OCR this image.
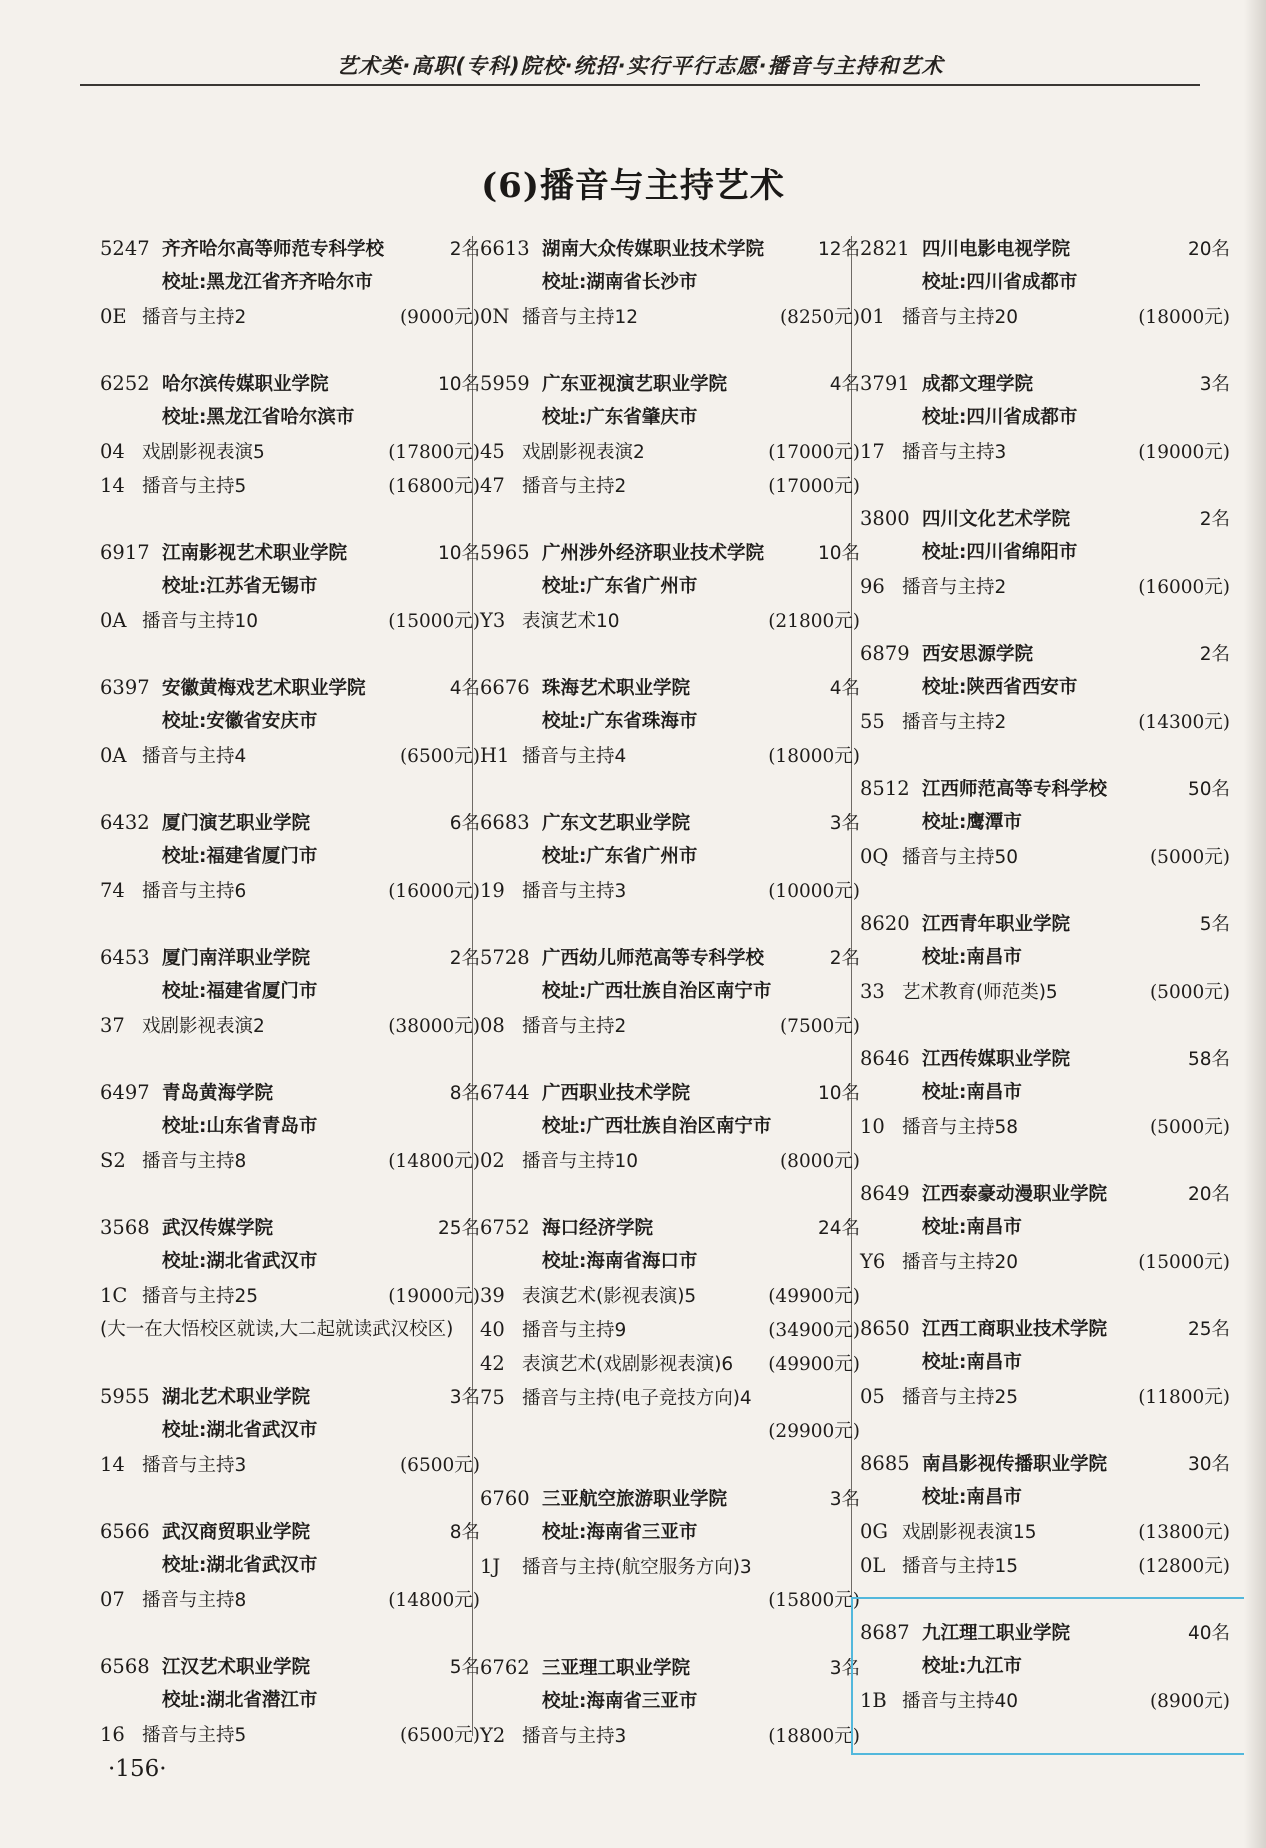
艺术类·高职(专科)院校·统招·实行平行志愿·播音与主持和艺术
(6)播音与主持艺术
5247 齐齐哈尔高等师范专科学校	2名
校址:黑龙江省齐齐哈尔市
0E 播音与主持2	(9000元)
6252 哈尔滨传媒职业学院	10名
校址:黑龙江省哈尔滨市
04 戏剧影视表演5	(17800元)
14 播音与主持5	(16800元)
6917 江南影视艺术职业学院	10名
校址:江苏省无锡市
0A 播音与主持10	(15000元)
6397 安徽黄梅戏艺术职业学院	4名
校址:安徽省安庆市
0A 播音与主持4	(6500元)
6432 厦门演艺职业学院	6名
校址:福建省厦门市
74 播音与主持6	(16000元)
6453 厦门南洋职业学院	2名
校址:福建省厦门市
37 戏剧影视表演2	(38000元)
6497 青岛黄海学院	8名
校址:山东省青岛市
S2 播音与主持8	(14800元)
3568 武汉传媒学院	25名
校址:湖北省武汉市
1C 播音与主持25	(19000元)
(大一在大悟校区就读,大二起就读武汉校区)
5955 湖北艺术职业学院	3名
校址:湖北省武汉市
14 播音与主持3	(6500元)
6566 武汉商贸职业学院	8名
校址:湖北省武汉市
07 播音与主持8	(14800元)
6568 江汉艺术职业学院	5名
校址:湖北省潜江市
16 播音与主持5	(6500元)
6613 湖南大众传媒职业技术学院	12名
校址:湖南省长沙市
0N 播音与主持12	(8250元)
5959 广东亚视演艺职业学院	4名
校址:广东省肇庆市
45 戏剧影视表演2	(17000元)
47 播音与主持2	(17000元)
5965 广州涉外经济职业技术学院	10名
校址:广东省广州市
Y3 表演艺术10	(21800元)
6676 珠海艺术职业学院	4名
校址:广东省珠海市
H1 播音与主持4	(18000元)
6683 广东文艺职业学院	3名
校址:广东省广州市
19 播音与主持3	(10000元)
5728 广西幼儿师范高等专科学校	2名
校址:广西壮族自治区南宁市
08 播音与主持2	(7500元)
6744 广西职业技术学院	10名
校址:广西壮族自治区南宁市
02 播音与主持10	(8000元)
6752 海口经济学院	24名
校址:海南省海口市
39 表演艺术(影视表演)5	(49900元)
40 播音与主持9	(34900元)
42 表演艺术(戏剧影视表演)6	(49900元)
75 播音与主持(电子竞技方向)4
(29900元)
6760 三亚航空旅游职业学院	3名
校址:海南省三亚市
1J	播音与主持(航空服务方向)3
(15800元)
6762 三亚理工职业学院	3名
校址:海南省三亚市
Y2 播音与主持3	(18800元)
2821 四川电影电视学院	20名
校址:四川省成都市
01 播音与主持20	(18000元)
3791 成都文理学院	3名
校址:四川省成都市
17 播音与主持3	(19000元)
3800 四川文化艺术学院	2名
校址:四川省绵阳市
96 播音与主持2	(16000元)
6879 西安思源学院	2名
校址:陕西省西安市
55 播音与主持2	(14300元)
8512 江西师范高等专科学校	50名
校址:鹰潭市
0Q 播音与主持50	(5000元)
8620 江西青年职业学院	5名
校址:南昌市
33 艺术教育(师范类)5	(5000元)
8646 江西传媒职业学院	58名
校址:南昌市
10 播音与主持58	(5000元)
8649 江西泰豪动漫职业学院	20名
校址:南昌市
Y6 播音与主持20	(15000元)
8650 江西工商职业技术学院	25名
校址:南昌市
05 播音与主持25	(11800元)
8685 南昌影视传播职业学院	30名
校址:南昌市
0G 戏剧影视表演15	(13800元)
0L 播音与主持15	(12800元)
8687 九江理工职业学院	40名
校址:九江市
1B 播音与主持40	(8900元)
·156·
